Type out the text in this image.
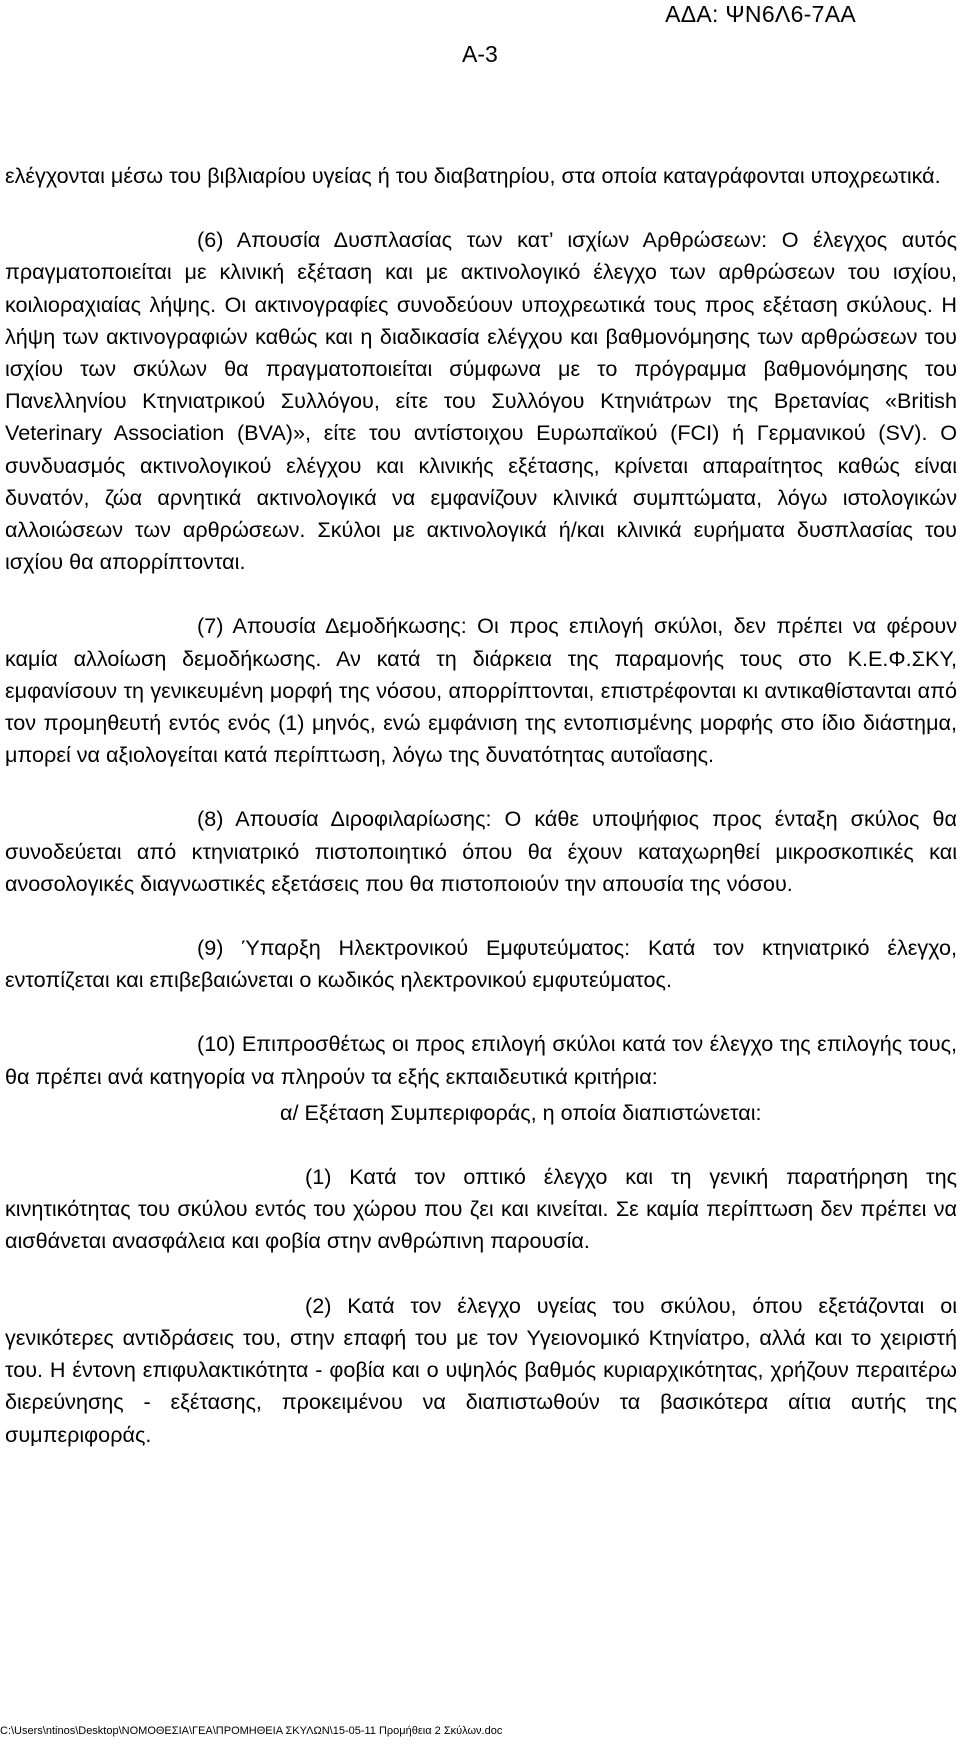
ΑΔΑ: ΨΝ6Λ6-7ΑΑ
Α-3

ελέγχονται μέσω του βιβλιαρίου υγείας ή του διαβατηρίου, στα οποία καταγράφονται υποχρεωτικά.

(6) Απουσία Δυσπλασίας των κατ’ ισχίων Αρθρώσεων: Ο έλεγχος αυτός πραγματοποιείται με κλινική εξέταση και με ακτινολογικό έλεγχο των αρθρώσεων του ισχίου, κοιλιοραχιαίας λήψης. Οι ακτινογραφίες συνοδεύουν υποχρεωτικά τους προς εξέταση σκύλους. Η λήψη των ακτινογραφιών καθώς και η διαδικασία ελέγχου και βαθμονόμησης των αρθρώσεων του ισχίου των σκύλων θα πραγματοποιείται σύμφωνα με το πρόγραμμα βαθμονόμησης του Πανελληνίου Κτηνιατρικού Συλλόγου, είτε του Συλλόγου Κτηνιάτρων της Βρετανίας «British Veterinary Association (BVA)», είτε του αντίστοιχου Ευρωπαϊκού (FCI) ή Γερμανικού (SV). Ο συνδυασμός ακτινολογικού ελέγχου και κλινικής εξέτασης, κρίνεται απαραίτητος καθώς είναι δυνατόν, ζώα αρνητικά ακτινολογικά να εμφανίζουν κλινικά συμπτώματα, λόγω ιστολογικών αλλοιώσεων των αρθρώσεων. Σκύλοι με ακτινολογικά ή/και κλινικά ευρήματα δυσπλασίας του ισχίου θα απορρίπτονται.

(7) Απουσία Δεμοδήκωσης: Οι προς επιλογή σκύλοι, δεν πρέπει να φέρουν καμία αλλοίωση δεμοδήκωσης. Αν κατά τη διάρκεια της παραμονής τους στο Κ.Ε.Φ.ΣΚΥ, εμφανίσουν τη γενικευμένη μορφή της νόσου, απορρίπτονται, επιστρέφονται κι αντικαθίστανται από τον προμηθευτή εντός ενός (1) μηνός, ενώ εμφάνιση της εντοπισμένης μορφής στο ίδιο διάστημα, μπορεί να αξιολογείται κατά περίπτωση, λόγω της δυνατότητας αυτοΐασης.

(8) Απουσία Διροφιλαρίωσης: Ο κάθε υποψήφιος προς ένταξη σκύλος θα συνοδεύεται από κτηνιατρικό πιστοποιητικό όπου θα έχουν καταχωρηθεί μικροσκοπικές και ανοσολογικές διαγνωστικές εξετάσεις που θα πιστοποιούν την απουσία της νόσου.

(9) Ύπαρξη Ηλεκτρονικού Εμφυτεύματος: Κατά τον κτηνιατρικό έλεγχο, εντοπίζεται και επιβεβαιώνεται ο κωδικός ηλεκτρονικού εμφυτεύματος.

(10) Επιπροσθέτως οι προς επιλογή σκύλοι κατά τον έλεγχο της επιλογής τους, θα πρέπει ανά κατηγορία να πληρούν τα εξής εκπαιδευτικά κριτήρια:

α/ Εξέταση Συμπεριφοράς, η οποία διαπιστώνεται:

(1) Κατά τον οπτικό έλεγχο και τη γενική παρατήρηση της κινητικότητας του σκύλου εντός του χώρου που ζει και κινείται. Σε καμία περίπτωση δεν πρέπει να αισθάνεται ανασφάλεια και φοβία στην ανθρώπινη παρουσία.

(2) Κατά τον έλεγχο υγείας του σκύλου, όπου εξετάζονται οι γενικότερες αντιδράσεις του, στην επαφή του με τον Υγειονομικό Κτηνίατρο, αλλά και το χειριστή του. Η έντονη επιφυλακτικότητα - φοβία και ο υψηλός βαθμός κυριαρχικότητας, χρήζουν περαιτέρω διερεύνησης - εξέτασης, προκειμένου να διαπιστωθούν τα βασικότερα αίτια αυτής της συμπεριφοράς.

C:\Users\ntinos\Desktop\ΝΟΜΟΘΕΣΙΑ\ΓΕΑ\ΠΡΟΜΗΘΕΙΑ ΣΚΥΛΩΝ\15-05-11 Προμήθεια 2 Σκύλων.doc
